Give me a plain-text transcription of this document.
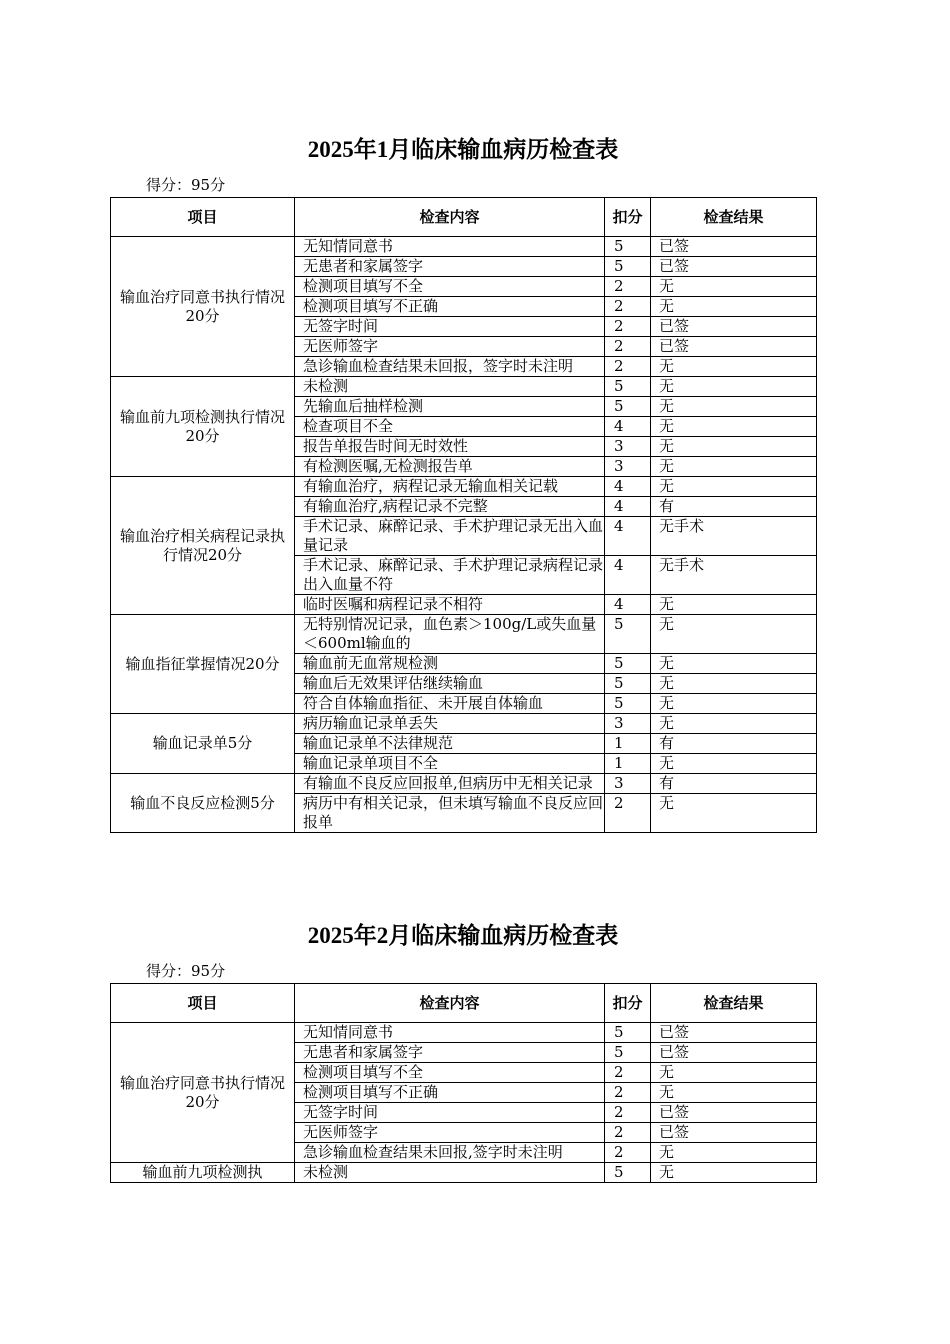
2025年1月临床输血病历检查表
得分：95分
项目	检查内容	扣分	检查结果
输血治疗同意书执行情况20分	无知情同意书	5	已签
	无患者和家属签字	5	已签
	检测项目填写不全	2	无
	检测项目填写不正确	2	无
	无签字时间	2	已签
	无医师签字	2	已签
	急诊输血检查结果未回报，签字时未注明	2	无
输血前九项检测执行情况20分	未检测	5	无
	先输血后抽样检测	5	无
	检查项目不全	4	无
	报告单报告时间无时效性	3	无
	有检测医嘱,无检测报告单	3	无
输血治疗相关病程记录执行情况20分	有输血治疗，病程记录无输血相关记载	4	无
	有输血治疗,病程记录不完整	4	有
	手术记录、麻醉记录、手术护理记录无出入血量记录	4	无手术
	手术记录、麻醉记录、手术护理记录病程记录出入血量不符	4	无手术
	临时医嘱和病程记录不相符	4	无
输血指征掌握情况20分	无特别情况记录，血色素＞100g/L或失血量＜600ml输血的	5	无
	输血前无血常规检测	5	无
	输血后无效果评估继续输血	5	无
	符合自体输血指征、未开展自体输血	5	无
输血记录单5分	病历输血记录单丢失	3	无
	输血记录单不法律规范	1	有
	输血记录单项目不全	1	无
输血不良反应检测5分	有输血不良反应回报单,但病历中无相关记录	3	有
	病历中有相关记录，但未填写输血不良反应回报单	2	无
2025年2月临床输血病历检查表
得分：95分
项目	检查内容	扣分	检查结果
输血治疗同意书执行情况20分	无知情同意书	5	已签
	无患者和家属签字	5	已签
	检测项目填写不全	2	无
	检测项目填写不正确	2	无
	无签字时间	2	已签
	无医师签字	2	已签
	急诊输血检查结果未回报,签字时未注明	2	无
输血前九项检测执	未检测	5	无
